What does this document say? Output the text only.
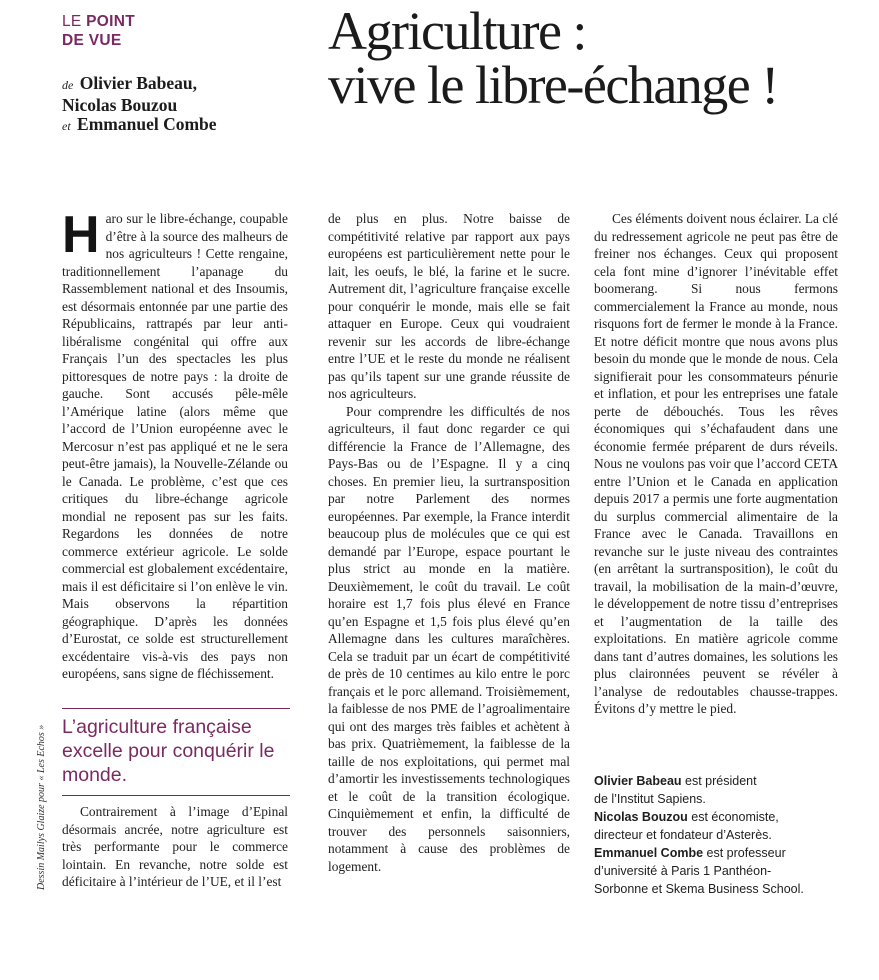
LE POINT
DE VUE
de Olivier Babeau,
Nicolas Bouzou
et Emmanuel Combe
Agriculture :
vive le libre-échange !
H aro sur le libre-échange, coupable d’être à la source des malheurs de nos agriculteurs ! Cette rengaine, traditionnellement l’apanage du Rassemblement national et des Insoumis, est désormais entonnée par une partie des Républicains, rattrapés par leur anti-libéralisme congénital qui offre aux Français l’un des spectacles les plus pittoresques de notre pays : la droite de gauche. Sont accusés pêle-mêle l’Amérique latine (alors même que l’accord de l’Union européenne avec le Mercosur n’est pas appliqué et ne le sera peut-être jamais), la Nouvelle-Zélande ou le Canada. Le problème, c’est que ces critiques du libre-échange agricole mondial ne reposent pas sur les faits. Regardons les données de notre commerce extérieur agricole. Le solde commercial est globalement excédentaire, mais il est déficitaire si l’on enlève le vin. Mais observons la répartition géographique. D’après les données d’Eurostat, ce solde est structurellement excédentaire vis-à-vis des pays non européens, sans signe de fléchissement.

L’agriculture française excelle pour conquérir le monde.

Contrairement à l’image d’Epinal désormais ancrée, notre agriculture est très performante pour le commerce lointain. En revanche, notre solde est déficitaire à l’intérieur de l’UE, et il l’est

Dessin Mailys Glaize pour « Les Echos »

de plus en plus. Notre baisse de compétitivité relative par rapport aux pays européens est particulièrement nette pour le lait, les oeufs, le blé, la farine et le sucre. Autrement dit, l’agriculture française excelle pour conquérir le monde, mais elle se fait attaquer en Europe. Ceux qui voudraient revenir sur les accords de libre-échange entre l’UE et le reste du monde ne réalisent pas qu’ils tapent sur une grande réussite de nos agriculteurs.

Pour comprendre les difficultés de nos agriculteurs, il faut donc regarder ce qui différencie la France de l’Allemagne, des Pays-Bas ou de l’Espagne. Il y a cinq choses. En premier lieu, la surtransposition par notre Parlement des normes européennes. Par exemple, la France interdit beaucoup plus de molécules que ce qui est demandé par l’Europe, espace pourtant le plus strict au monde en la matière. Deuxièmement, le coût du travail. Le coût horaire est 1,7 fois plus élevé en France qu’en Espagne et 1,5 fois plus élevé qu’en Allemagne dans les cultures maraîchères. Cela se traduit par un écart de compétitivité de près de 10 centimes au kilo entre le porc français et le porc allemand. Troisièmement, la faiblesse de nos PME de l’agroalimentaire qui ont des marges très faibles et achètent à bas prix. Quatrièmement, la faiblesse de la taille de nos exploitations, qui permet mal d’amortir les investissements technologiques et le coût de la transition écologique. Cinquièmement et enfin, la difficulté de trouver des personnels saisonniers, notamment à cause des problèmes de logement.

Ces éléments doivent nous éclairer. La clé du redressement agricole ne peut pas être de freiner nos échanges. Ceux qui proposent cela font mine d’ignorer l’inévitable effet boomerang. Si nous fermons commercialement la France au monde, nous risquons fort de fermer le monde à la France. Et notre déficit montre que nous avons plus besoin du monde que le monde de nous. Cela signifierait pour les consommateurs pénurie et inflation, et pour les entreprises une fatale perte de débouchés. Tous les rêves économiques qui s’échafaudent dans une économie fermée préparent de durs réveils. Nous ne voulons pas voir que l’accord CETA entre l’Union et le Canada en application depuis 2017 a permis une forte augmentation du surplus commercial alimentaire de la France avec le Canada. Travaillons en revanche sur le juste niveau des contraintes (en arrêtant la surtransposition), le coût du travail, la mobilisation de la main-d’œuvre, le développement de notre tissu d’entreprises et l’augmentation de la taille des exploitations. En matière agricole comme dans tant d’autres domaines, les solutions les plus claironnées peuvent se révéler à l’analyse de redoutables chausse-trappes. Évitons d’y mettre le pied.

Olivier Babeau est président

de l’Institut Sapiens.

Nicolas Bouzou est économiste,

directeur et fondateur d’Asterès.

Emmanuel Combe est professeur

d’université à Paris 1 Panthéon-

Sorbonne et Skema Business School.
